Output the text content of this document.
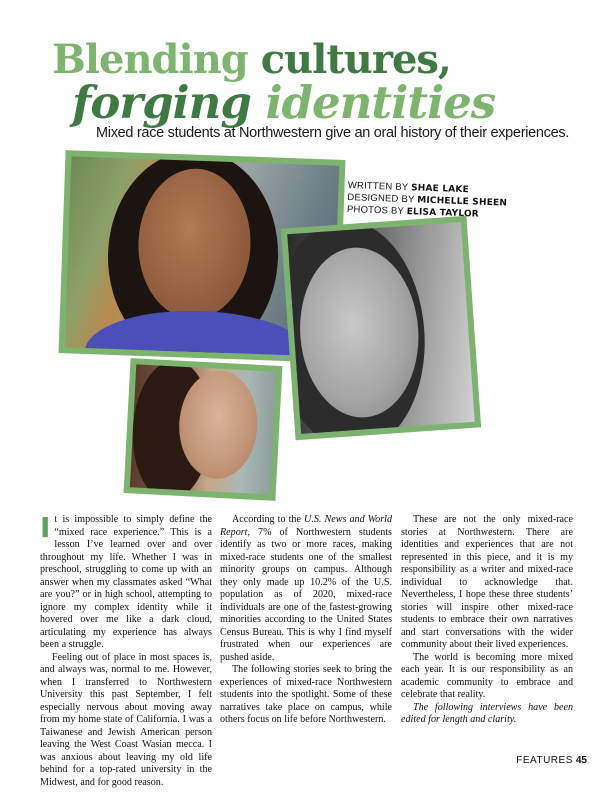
Blending cultures,
forging identities
Mixed race students at Northwestern give an oral history of their experiences.
WRITTEN BY SHAE LAKE
DESIGNED BY MICHELLE SHEEN
PHOTOS BY ELISA TAYLOR

It is impossible to simply define the “mixed race experience.” This is a lesson I’ve learned over and over throughout my life. Whether I was in preschool, struggling to come up with an answer when my classmates asked “What are you?” or in high school, attempting to ignore my complex identity while it hovered over me like a dark cloud, articulating my experience has always been a struggle.

Feeling out of place in most spaces is, and always was, normal to me. However, when I transferred to Northwestern University this past September, I felt especially nervous about moving away from my home state of California. I was a Taiwanese and Jewish American person leaving the West Coast Wasian mecca. I was anxious about leaving my old life behind for a top-rated university in the Midwest, and for good reason.

According to the U.S. News and World Report, 7% of Northwestern students identify as two or more races, making mixed-race students one of the smallest minority groups on campus. Although they only made up 10.2% of the U.S. population as of 2020, mixed-race individuals are one of the fastest-growing minorities according to the United States Census Bureau. This is why I find myself frustrated when our experiences are pushed aside.

The following stories seek to bring the experiences of mixed-race Northwestern students into the spotlight. Some of these narratives take place on campus, while others focus on life before Northwestern.

These are not the only mixed-race stories at Northwestern. There are identities and experiences that are not represented in this piece, and it is my responsibility as a writer and mixed-race individual to acknowledge that. Nevertheless, I hope these three students’ stories will inspire other mixed-race students to embrace their own narratives and start conversations with the wider community about their lived experiences.

The world is becoming more mixed each year. It is our responsibility as an academic community to embrace and celebrate that reality.

The following interviews have been edited for length and clarity.

FEATURES 45
